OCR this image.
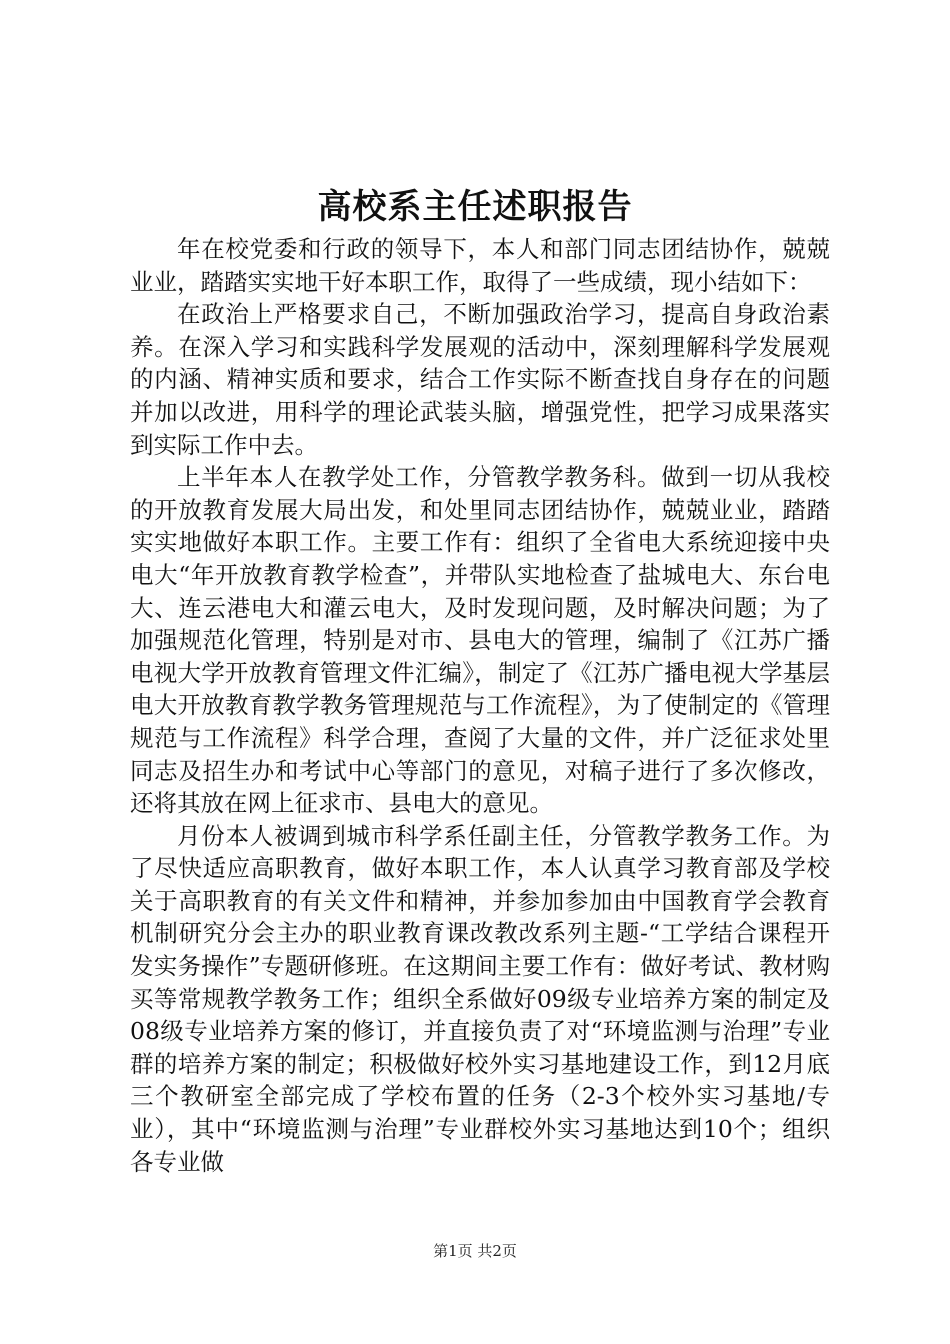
高校系主任述职报告

年在校党委和行政的领导下，本人和部门同志团结协作，兢兢业业，踏踏实实地干好本职工作，取得了一些成绩，现小结如下：

在政治上严格要求自己，不断加强政治学习，提高自身政治素养。在深入学习和实践科学发展观的活动中，深刻理解科学发展观的内涵、精神实质和要求，结合工作实际不断查找自身存在的问题并加以改进，用科学的理论武装头脑，增强党性，把学习成果落实到实际工作中去。

上半年本人在教学处工作，分管教学教务科。做到一切从我校的开放教育发展大局出发，和处里同志团结协作，兢兢业业，踏踏实实地做好本职工作。主要工作有：组织了全省电大系统迎接中央电大“年开放教育教学检查”，并带队实地检查了盐城电大、东台电大、连云港电大和灌云电大，及时发现问题，及时解决问题；为了加强规范化管理，特别是对市、县电大的管理，编制了《江苏广播电视大学开放教育管理文件汇编》，制定了《江苏广播电视大学基层电大开放教育教学教务管理规范与工作流程》，为了使制定的《管理规范与工作流程》科学合理，查阅了大量的文件，并广泛征求处里同志及招生办和考试中心等部门的意见，对稿子进行了多次修改，还将其放在网上征求市、县电大的意见。

月份本人被调到城市科学系任副主任，分管教学教务工作。为了尽快适应高职教育，做好本职工作，本人认真学习教育部及学校关于高职教育的有关文件和精神，并参加参加由中国教育学会教育机制研究分会主办的职业教育课改教改系列主题-“工学结合课程开发实务操作”专题研修班。在这期间主要工作有：做好考试、教材购买等常规教学教务工作；组织全系做好09级专业培养方案的制定及08级专业培养方案的修订，并直接负责了对“环境监测与治理”专业群的培养方案的制定；积极做好校外实习基地建设工作，到12月底三个教研室全部完成了学校布置的任务（2-3个校外实习基地/专业），其中“环境监测与治理”专业群校外实习基地达到10个；组织各专业做

第1页 共2页
